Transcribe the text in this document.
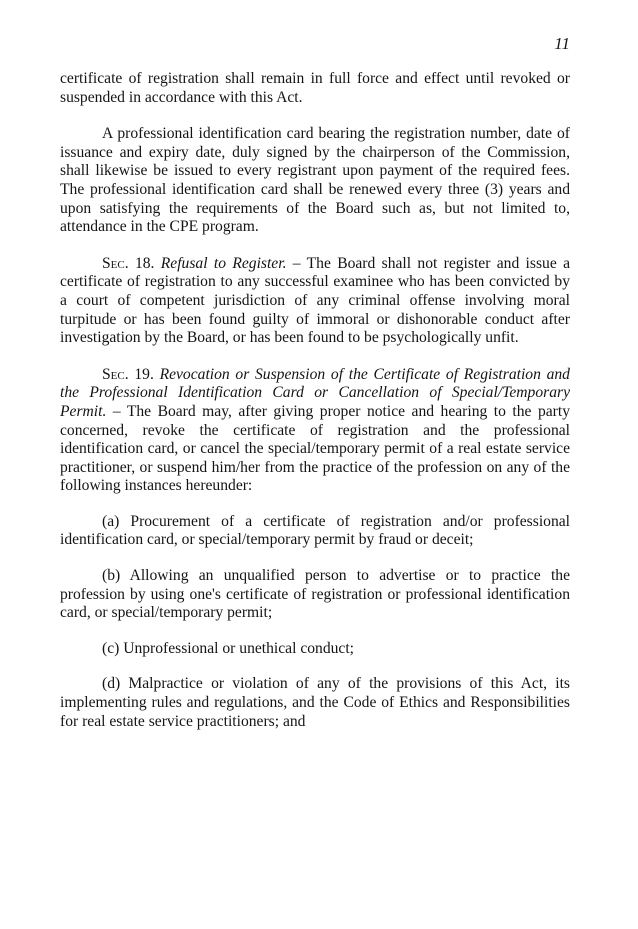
11

certificate of registration shall remain in full force and effect until revoked or suspended in accordance with this Act.

A professional identification card bearing the registration number, date of issuance and expiry date, duly signed by the chairperson of the Commission, shall likewise be issued to every registrant upon payment of the required fees. The professional identification card shall be renewed every three (3) years and upon satisfying the requirements of the Board such as, but not limited to, attendance in the CPE program.

Sec. 18. Refusal to Register. – The Board shall not register and issue a certificate of registration to any successful examinee who has been convicted by a court of competent jurisdiction of any criminal offense involving moral turpitude or has been found guilty of immoral or dishonorable conduct after investigation by the Board, or has been found to be psychologically unfit.

Sec. 19. Revocation or Suspension of the Certificate of Registration and the Professional Identification Card or Cancellation of Special/Temporary Permit. – The Board may, after giving proper notice and hearing to the party concerned, revoke the certificate of registration and the professional identification card, or cancel the special/temporary permit of a real estate service practitioner, or suspend him/her from the practice of the profession on any of the following instances hereunder:

(a) Procurement of a certificate of registration and/or professional identification card, or special/temporary permit by fraud or deceit;

(b) Allowing an unqualified person to advertise or to practice the profession by using one's certificate of registration or professional identification card, or special/temporary permit;

(c) Unprofessional or unethical conduct;

(d) Malpractice or violation of any of the provisions of this Act, its implementing rules and regulations, and the Code of Ethics and Responsibilities for real estate service practitioners; and
